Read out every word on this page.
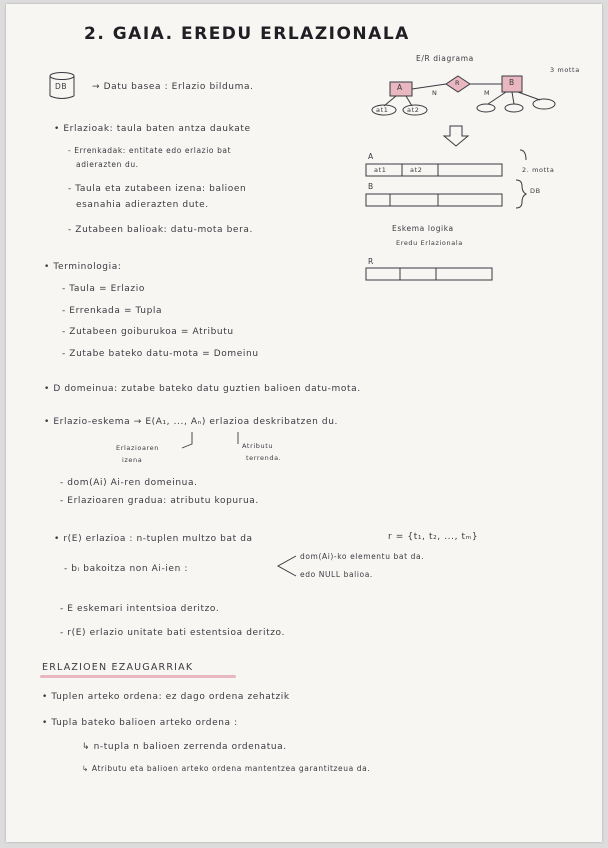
2. GAIA. EREDU ERLAZIONALA
DB	→ Datu basea : Erlazio bilduma.
E/R diagrama
3 motta
A
B
R
N	M
at1	at2
A
at1	at2	2. motta
B	DB
Eskema logika
Eredu Erlazionala
R
• Erlazioak: taula baten antza daukate
- Errenkadak: entitate edo erlazio bat
adierazten du.
- Taula eta zutabeen izena: balioen
esanahia adierazten dute.
- Zutabeen balioak: datu-mota bera.
• Terminologia:
- Taula = Erlazio
- Errenkada = Tupla
- Zutabeen goiburukoa = Atributu
- Zutabe bateko datu-mota = Domeinu
• D domeinua: zutabe bateko datu guztien balioen datu-mota.
• Erlazio-eskema → E(A₁, ..., Aₙ) erlazioa deskribatzen du.
Erlazioaren
izena
Atributu
terrenda.
- dom(Ai) Ai-ren domeinua.
- Erlazioaren gradua: atributu kopurua.
• r(E) erlazioa : n-tuplen multzo bat da	r = {t₁, t₂, ..., tₘ}
- bᵢ bakoitza non Ai-ien :
dom(Ai)-ko elementu bat da.
edo NULL balioa.
- E eskemari intentsioa deritzo.
- r(E) erlazio unitate bati estentsioa deritzo.
ERLAZIOEN EZAUGARRIAK
• Tuplen arteko ordena: ez dago ordena zehatzik
• Tupla bateko balioen arteko ordena :
↳ n-tupla n balioen zerrenda ordenatua.
↳ Atributu eta balioen arteko ordena mantentzea garantitzeua da.
